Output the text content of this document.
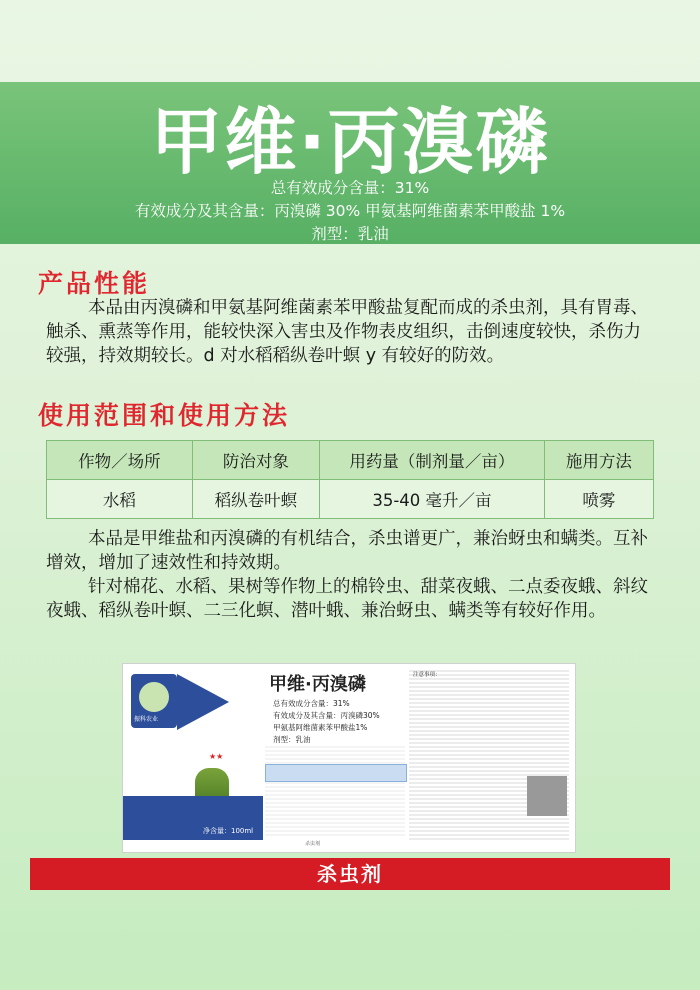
甲维·丙溴磷
总有效成分含量：31%
有效成分及其含量：丙溴磷 30% 甲氨基阿维菌素苯甲酸盐 1%
剂型：乳油
产品性能
本品由丙溴磷和甲氨基阿维菌素苯甲酸盐复配而成的杀虫剂，具有胃毒、触杀、熏蒸等作用，能较快深入害虫及作物表皮组织，击倒速度较快，杀伤力较强，持效期较长。d 对水稻稻纵卷叶螟 y 有较好的防效。
使用范围和使用方法
作物／场所	防治对象	用药量（制剂量／亩）	施用方法
水稻	稻纵卷叶螟	35-40 毫升／亩	喷雾
本品是甲维盐和丙溴磷的有机结合，杀虫谱更广，兼治蚜虫和螨类。互补增效，增加了速效性和持效期。
针对棉花、水稻、果树等作物上的棉铃虫、甜菜夜蛾、二点委夜蛾、斜纹夜蛾、稻纵卷叶螟、二三化螟、潜叶蛾、兼治蚜虫、螨类等有较好作用。
振科农业
★★
净含量：100ml
甲维·丙溴磷
总有效成分含量：31%
有效成分及其含量：丙溴磷30%
甲氨基阿维菌素苯甲酸盐1%
剂型：乳油
注意事项：
杀虫剂
杀虫剂
